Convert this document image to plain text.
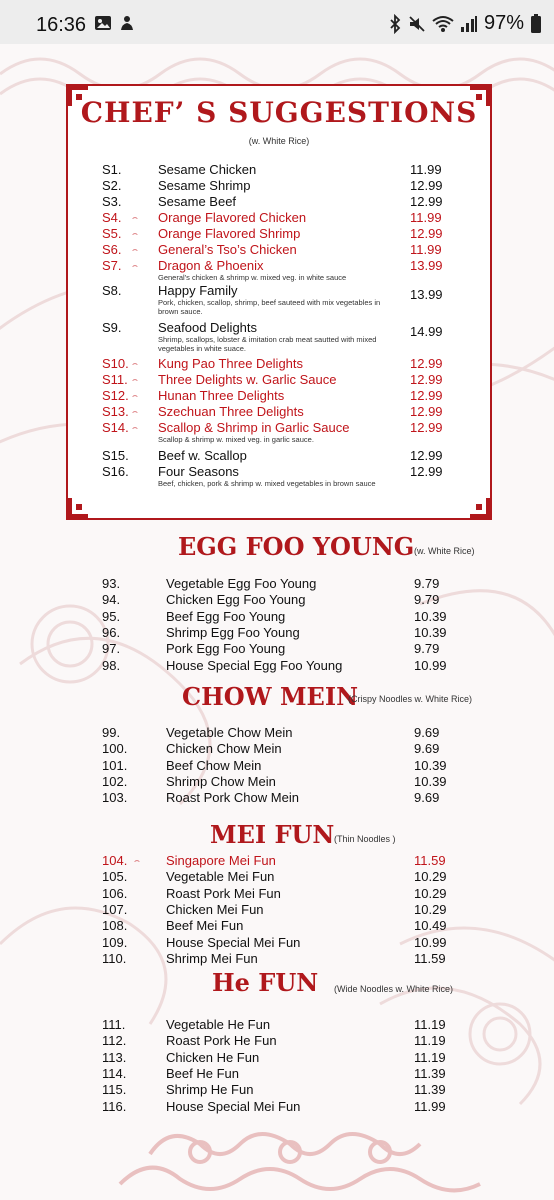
16:36	97%
CHEF’ S SUGGESTIONS
(w. White Rice)
S1.	Sesame Chicken	11.99
S2.	Sesame Shrimp	12.99
S3.	Sesame Beef	12.99
S4. ⌢ Orange Flavored Chicken	11.99
S5. ⌢ Orange Flavored Shrimp	12.99
S6. ⌢ General’s Tso’s Chicken	11.99
S7. ⌢ Dragon & Phoenix	13.99
General's chicken & shrimp w. mixed veg. in white sauce
S8.	Happy Family	13.99
Pork, chicken, scallop, shrimp, beef sauteed with mix vegetables in brown sauce.
S9.	Seafood Delights	14.99
Shrimp, scallops, lobster & imitation crab meat sautted with mixed vegetables in white suace.
S10. ⌢ Kung Pao Three Delights	12.99
S11. ⌢ Three Delights w. Garlic Sauce	12.99
S12. ⌢ Hunan Three Delights	12.99
S13. ⌢ Szechuan Three Delights	12.99
S14. ⌢ Scallop & Shrimp in Garlic Sauce	12.99
Scallop & shrimp w. mixed veg. in garlic sauce.
S15. Beef w. Scallop	12.99
S16. Four Seasons	12.99
Beef, chicken, pork & shrimp w. mixed vegetables in brown sauce
EGG FOO YOUNG (w. White Rice)
93.	Vegetable Egg Foo Young	9.79
94.	Chicken Egg Foo Young	9.79
95.	Beef Egg Foo Young	10.39
96.	Shrimp Egg Foo Young	10.39
97.	Pork Egg Foo Young	9.79
98.	House Special Egg Foo Young	10.99
CHOW MEIN
(Crispy Noodles w. White Rice)
99.	Vegetable Chow Mein	9.69
100.	Chicken Chow Mein	9.69
101.	Beef Chow Mein	10.39
102.	Shrimp Chow Mein	10.39
103.	Roast Pork Chow Mein	9.69
MEI FUN (Thin Noodles )
104. ⌢ Singapore Mei Fun	11.59
105.	Vegetable Mei Fun	10.29
106.	Roast Pork Mei Fun	10.29
107.	Chicken Mei Fun	10.29
108.	Beef Mei Fun	10.49
109.	House Special Mei Fun	10.99
110.	Shrimp Mei Fun	11.59
He FUN (Wide Noodles w. White Rice)
111.	Vegetable He Fun	11.19
112.	Roast Pork He Fun	11.19
113.	Chicken He Fun	11.19
114.	Beef He Fun	11.39
115.	Shrimp He Fun	11.39
116.	House Special Mei Fun	11.99
